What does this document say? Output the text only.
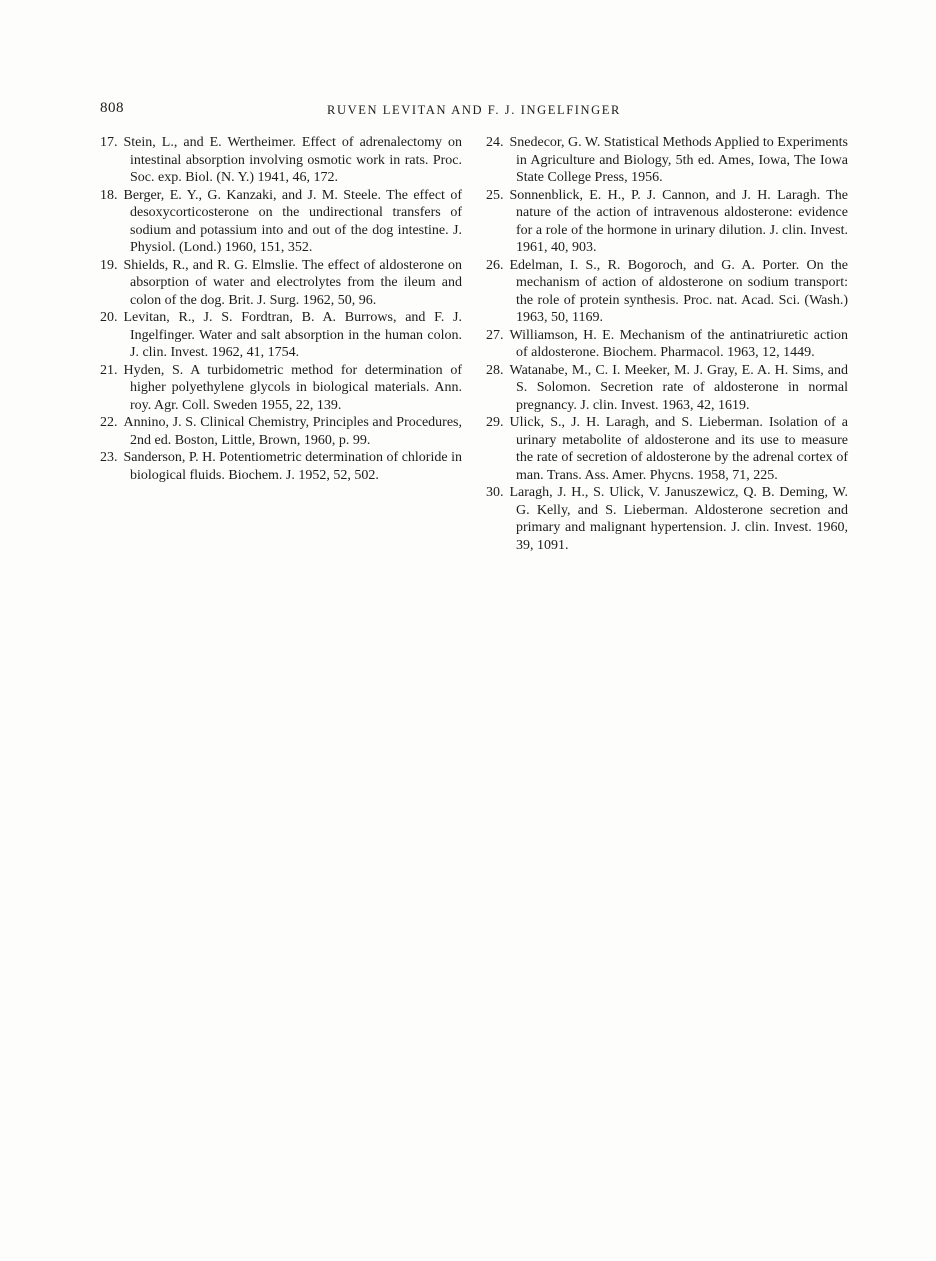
808	RUVEN LEVITAN AND F. J. INGELFINGER

17. Stein, L., and E. Wertheimer. Effect of adrenalectomy on intestinal absorption involving osmotic work in rats. Proc. Soc. exp. Biol. (N. Y.) 1941, 46, 172.

18. Berger, E. Y., G. Kanzaki, and J. M. Steele. The effect of desoxycorticosterone on the undirectional transfers of sodium and potassium into and out of the dog intestine. J. Physiol. (Lond.) 1960, 151, 352.

19. Shields, R., and R. G. Elmslie. The effect of aldosterone on absorption of water and electrolytes from the ileum and colon of the dog. Brit. J. Surg. 1962, 50, 96.

20. Levitan, R., J. S. Fordtran, B. A. Burrows, and F. J. Ingelfinger. Water and salt absorption in the human colon. J. clin. Invest. 1962, 41, 1754.

21. Hyden, S. A turbidometric method for determination of higher polyethylene glycols in biological materials. Ann. roy. Agr. Coll. Sweden 1955, 22, 139.

22. Annino, J. S. Clinical Chemistry, Principles and Procedures, 2nd ed. Boston, Little, Brown, 1960, p. 99.

23. Sanderson, P. H. Potentiometric determination of chloride in biological fluids. Biochem. J. 1952, 52, 502.

24. Snedecor, G. W. Statistical Methods Applied to Experiments in Agriculture and Biology, 5th ed. Ames, Iowa, The Iowa State College Press, 1956.

25. Sonnenblick, E. H., P. J. Cannon, and J. H. Laragh. The nature of the action of intravenous aldosterone: evidence for a role of the hormone in urinary dilution. J. clin. Invest. 1961, 40, 903.

26. Edelman, I. S., R. Bogoroch, and G. A. Porter. On the mechanism of action of aldosterone on sodium transport: the role of protein synthesis. Proc. nat. Acad. Sci. (Wash.) 1963, 50, 1169.

27. Williamson, H. E. Mechanism of the antinatriuretic action of aldosterone. Biochem. Pharmacol. 1963, 12, 1449.

28. Watanabe, M., C. I. Meeker, M. J. Gray, E. A. H. Sims, and S. Solomon. Secretion rate of aldosterone in normal pregnancy. J. clin. Invest. 1963, 42, 1619.

29. Ulick, S., J. H. Laragh, and S. Lieberman. Isolation of a urinary metabolite of aldosterone and its use to measure the rate of secretion of aldosterone by the adrenal cortex of man. Trans. Ass. Amer. Phycns. 1958, 71, 225.

30. Laragh, J. H., S. Ulick, V. Januszewicz, Q. B. Deming, W. G. Kelly, and S. Lieberman. Aldosterone secretion and primary and malignant hypertension. J. clin. Invest. 1960, 39, 1091.
